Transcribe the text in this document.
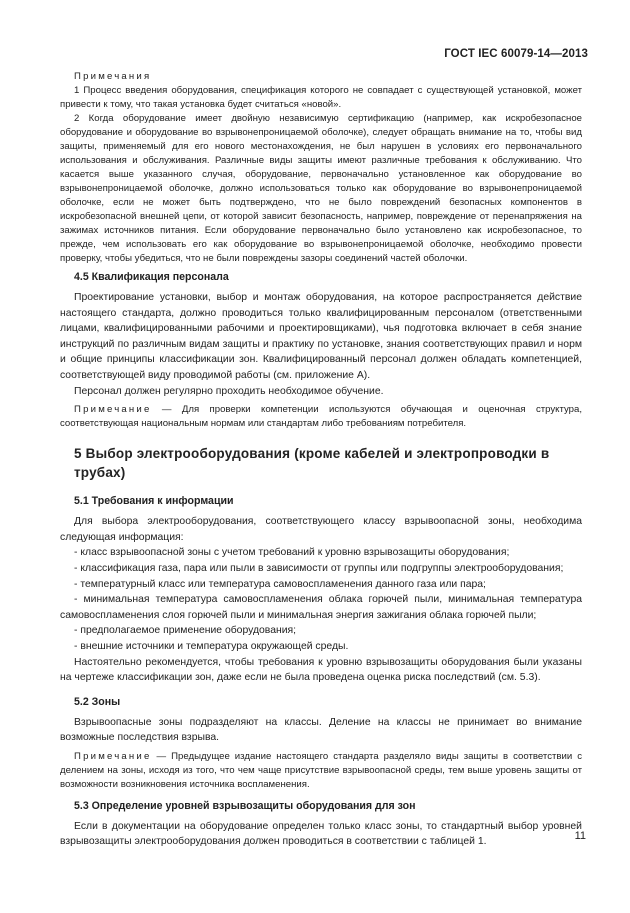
ГОСТ IEC 60079-14—2013
Примечания
1 Процесс введения оборудования, спецификация которого не совпадает с существующей установкой, может привести к тому, что такая установка будет считаться «новой».
2 Когда оборудование имеет двойную независимую сертификацию (например, как искробезопасное оборудование и оборудование во взрывонепроницаемой оболочке), следует обращать внимание на то, чтобы вид защиты, применяемый для его нового местонахождения, не был нарушен в условиях его первоначального использования и обслуживания. Различные виды защиты имеют различные требования к обслуживанию. Что касается выше указанного случая, оборудование, первоначально установленное как оборудование во взрывонепроницаемой оболочке, должно использоваться только как оборудование во взрывонепроницаемой оболочке, если не может быть подтверждено, что не было повреждений безопасных компонентов в искробезопасной внешней цепи, от которой зависит безопасность, например, повреждение от перенапряжения на зажимах источников питания. Если оборудование первоначально было установлено как искробезопасное, то прежде, чем использовать его как оборудование во взрывонепроницаемой оболочке, необходимо провести проверку, чтобы убедиться, что не были повреждены зазоры соединений частей оболочки.

4.5 Квалификация персонала

Проектирование установки, выбор и монтаж оборудования, на которое распространяется действие настоящего стандарта, должно проводиться только квалифицированным персоналом (ответственными лицами, квалифицированными рабочими и проектировщиками), чья подготовка включает в себя знание инструкций по различным видам защиты и практику по установке, знания соответствующих правил и норм и общие принципы классификации зон. Квалифицированный персонал должен обладать компетенцией, соответствующей виду проводимой работы (см. приложение А).

Персонал должен регулярно проходить необходимое обучение.

Примечание — Для проверки компетенции используются обучающая и оценочная структура, соответствующая национальным нормам или стандартам либо требованиям потребителя.

5 Выбор электрооборудования (кроме кабелей и электропроводки в трубах)

5.1 Требования к информации

Для выбора электрооборудования, соответствующего классу взрывоопасной зоны, необходима следующая информация:

- класс взрывоопасной зоны с учетом требований к уровню взрывозащиты оборудования;

- классификация газа, пара или пыли в зависимости от группы или подгруппы электрооборудования;

- температурный класс или температура самовоспламенения данного газа или пара;

- минимальная температура самовоспламенения облака горючей пыли, минимальная температура самовоспламенения слоя горючей пыли и минимальная энергия зажигания облака горючей пыли;

- предполагаемое применение оборудования;

- внешние источники и температура окружающей среды.

Настоятельно рекомендуется, чтобы требования к уровню взрывозащиты оборудования были указаны на чертеже классификации зон, даже если не была проведена оценка риска последствий (см. 5.3).

5.2 Зоны

Взрывоопасные зоны подразделяют на классы. Деление на классы не принимает во внимание возможные последствия взрыва.

Примечание — Предыдущее издание настоящего стандарта разделяло виды защиты в соответствии с делением на зоны, исходя из того, что чем чаще присутствие взрывоопасной среды, тем выше уровень защиты от возможности возникновения источника воспламенения.

5.3 Определение уровней взрывозащиты оборудования для зон

Если в документации на оборудование определен только класс зоны, то стандартный выбор уровней взрывозащиты электрооборудования должен проводиться в соответствии с таблицей 1.	11
